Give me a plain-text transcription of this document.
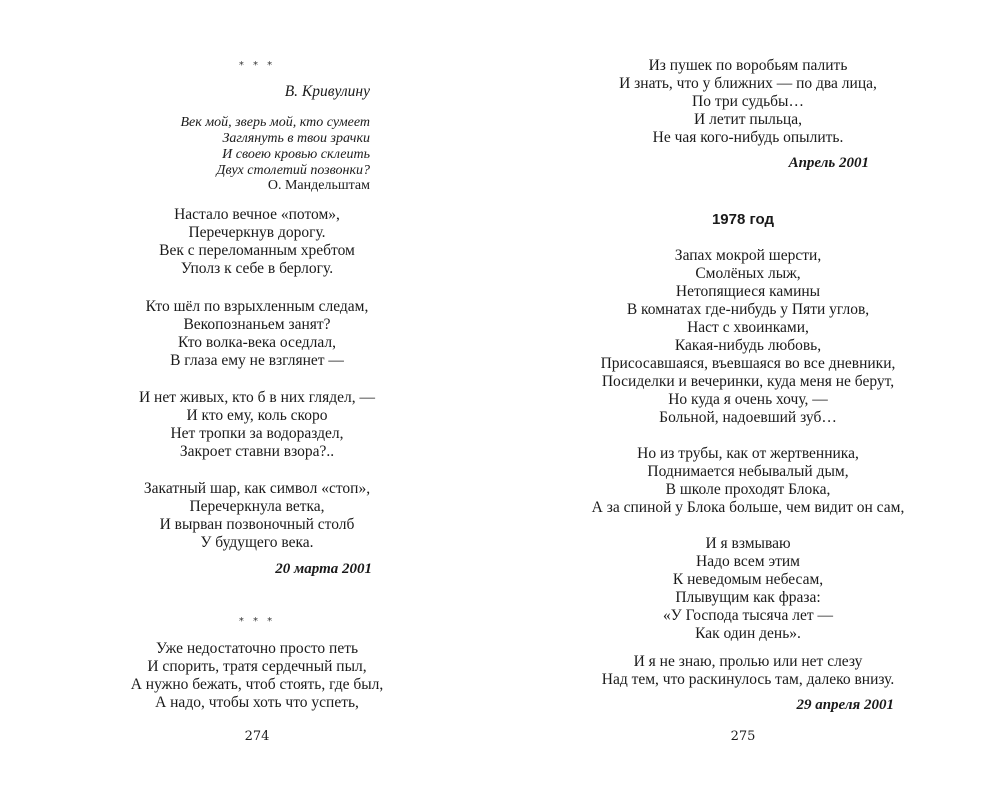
* * *
В. Кривулину
Век мой, зверь мой, кто сумеет
Заглянуть в твои зрачки
И своею кровью склеить
Двух столетий позвонки?
О. Мандельштам
Настало вечное «потом»,
Перечеркнув дорогу.
Век с переломанным хребтом
Уполз к себе в берлогу.
Кто шёл по взрыхленным следам,
Векопознаньем занят?
Кто волка-века оседлал,
В глаза ему не взглянет —
И нет живых, кто б в них глядел, —
И кто ему, коль скоро
Нет тропки за водораздел,
Закроет ставни взора?..
Закатный шар, как символ «стоп»,
Перечеркнула ветка,
И вырван позвоночный столб
У будущего века.
20 марта 2001
* * *
Уже недостаточно просто петь
И спорить, тратя сердечный пыл,
А нужно бежать, чтоб стоять, где был,
А надо, чтобы хоть что успеть,
274
Из пушек по воробьям палить
И знать, что у ближних — по два лица,
По три судьбы…
И летит пыльца,
Не чая кого-нибудь опылить.
Апрель 2001
1978 год
Запах мокрой шерсти,
Смолёных лыж,
Нетопящиеся камины
В комнатах где-нибудь у Пяти углов,
Наст с хвоинками,
Какая-нибудь любовь,
Присосавшаяся, въевшаяся во все дневники,
Посиделки и вечеринки, куда меня не берут,
Но куда я очень хочу, —
Больной, надоевший зуб…
Но из трубы, как от жертвенника,
Поднимается небывалый дым,
В школе проходят Блока,
А за спиной у Блока больше, чем видит он сам,
И я взмываю
Надо всем этим
К неведомым небесам,
Плывущим как фраза:
«У Господа тысяча лет —
Как один день».
И я не знаю, пролью или нет слезу
Над тем, что раскинулось там, далеко внизу.
29 апреля 2001
275
